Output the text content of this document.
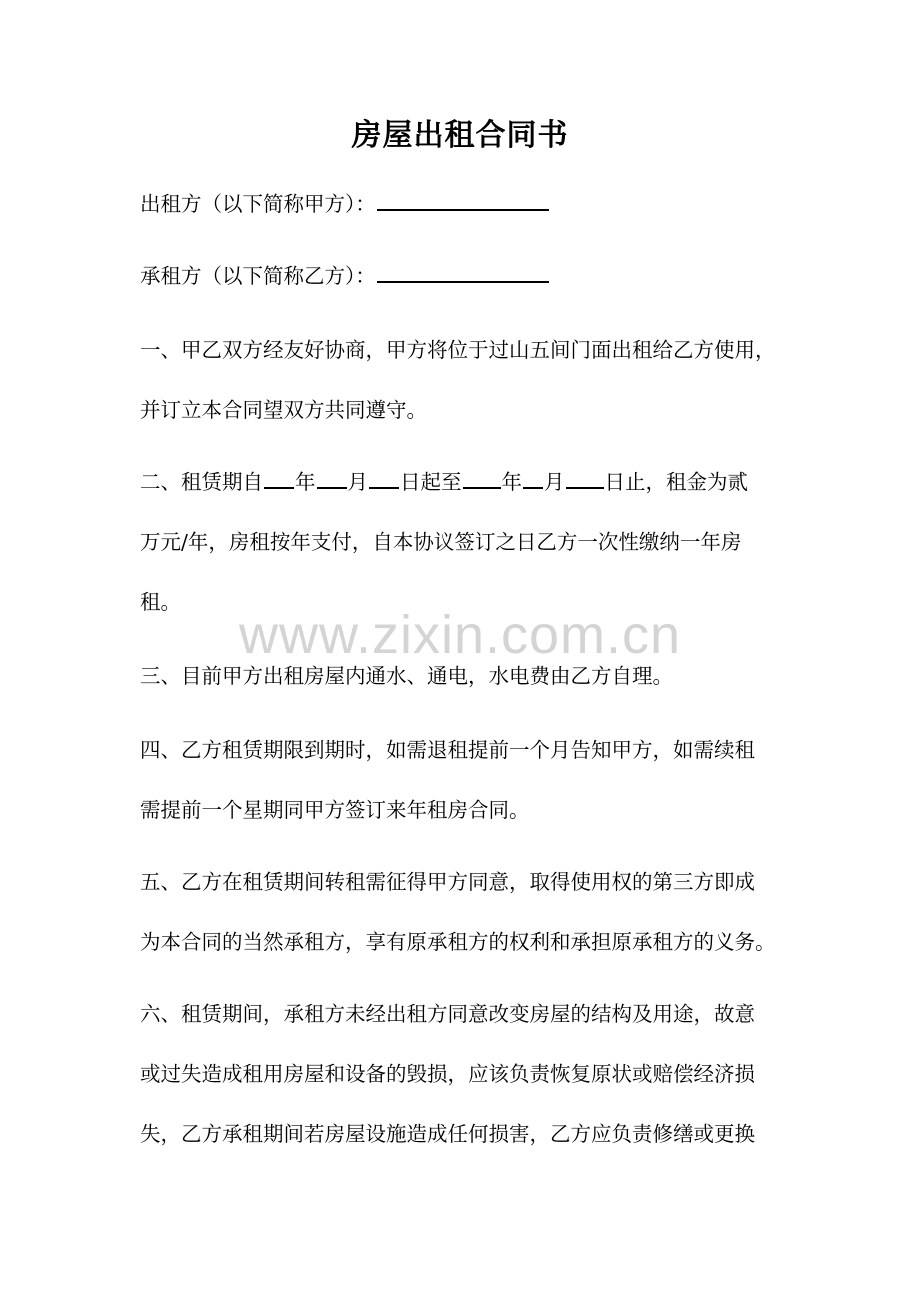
房屋出租合同书
出租方（以下简称甲方）：
承租方（以下简称乙方）：
一、甲乙双方经友好协商，甲方将位于过山五间门面出租给乙方使用，
并订立本合同望双方共同遵守。
二、租赁期自 年 月 日起至 年 月 日止，租金为贰
万元/年，房租按年支付，自本协议签订之日乙方一次性缴纳一年房
租。
三、目前甲方出租房屋内通水、通电，水电费由乙方自理。
四、乙方租赁期限到期时，如需退租提前一个月告知甲方，如需续租
需提前一个星期同甲方签订来年租房合同。
五、乙方在租赁期间转租需征得甲方同意，取得使用权的第三方即成
为本合同的当然承租方，享有原承租方的权利和承担原承租方的义务。
六、租赁期间，承租方未经出租方同意改变房屋的结构及用途，故意
或过失造成租用房屋和设备的毁损，应该负责恢复原状或赔偿经济损
失，乙方承租期间若房屋设施造成任何损害，乙方应负责修缮或更换
www.zixin.com.cn
